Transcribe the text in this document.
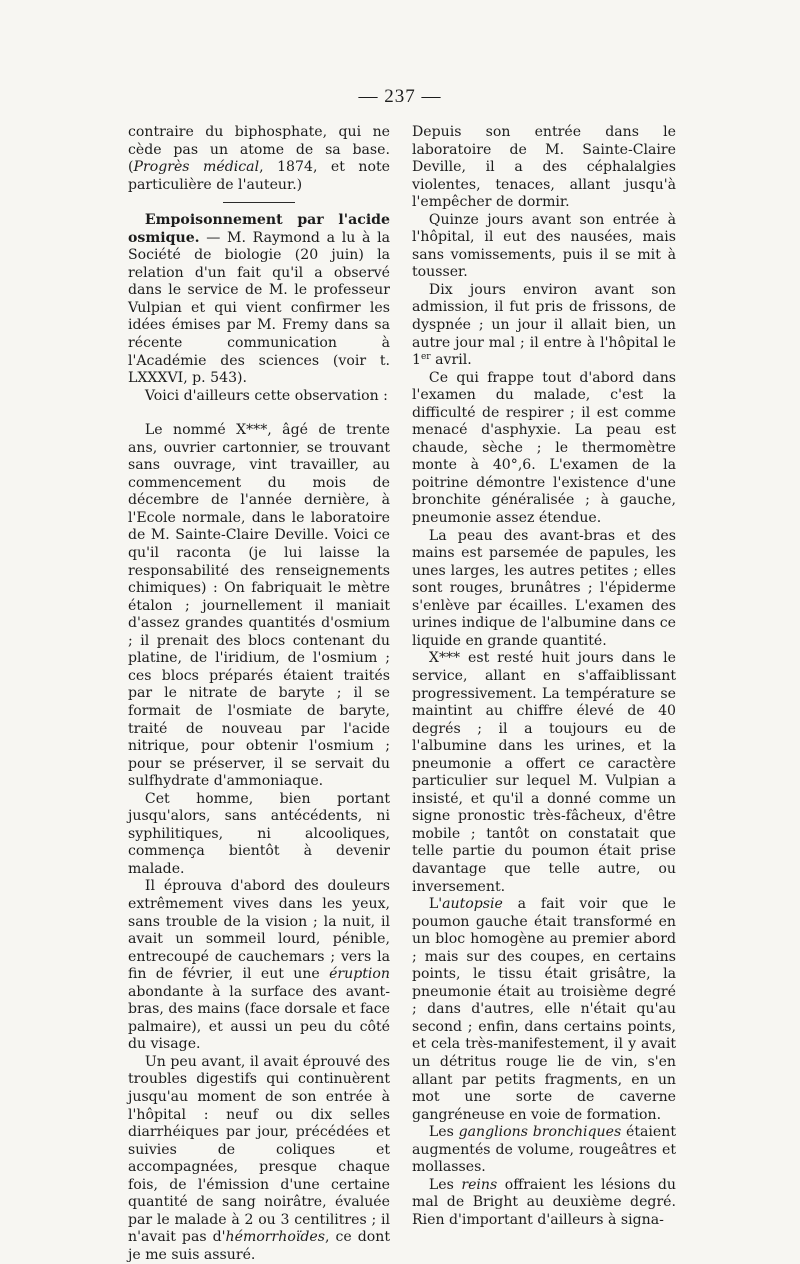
— 237 —

contraire du biphosphate, qui ne cède pas un atome de sa base. (Progrès médical, 1874, et note particulière de l'auteur.)

Empoisonnement par l'acide osmique. — M. Raymond a lu à la Société de biologie (20 juin) la relation d'un fait qu'il a observé dans le service de M. le professeur Vulpian et qui vient confirmer les idées émises par M. Fremy dans sa récente communication à l'Académie des sciences (voir t. LXXXVI, p. 543).

Voici d'ailleurs cette observation :

Le nommé X***, âgé de trente ans, ouvrier cartonnier, se trouvant sans ouvrage, vint travailler, au commencement du mois de décembre de l'année dernière, à l'Ecole normale, dans le laboratoire de M. Sainte-Claire Deville. Voici ce qu'il raconta (je lui laisse la responsabilité des renseignements chimiques) : On fabriquait le mètre étalon ; journellement il maniait d'assez grandes quantités d'osmium ; il prenait des blocs contenant du platine, de l'iridium, de l'osmium ; ces blocs préparés étaient traités par le nitrate de baryte ; il se formait de l'osmiate de baryte, traité de nouveau par l'acide nitrique, pour obtenir l'osmium ; pour se préserver, il se servait du sulfhydrate d'ammoniaque.

Cet homme, bien portant jusqu'alors, sans antécédents, ni syphilitiques, ni alcooliques, commença bientôt à devenir malade.

Il éprouva d'abord des douleurs extrêmement vives dans les yeux, sans trouble de la vision ; la nuit, il avait un sommeil lourd, pénible, entrecoupé de cauchemars ; vers la fin de février, il eut une éruption abondante à la surface des avant-bras, des mains (face dorsale et face palmaire), et aussi un peu du côté du visage.

Un peu avant, il avait éprouvé des troubles digestifs qui continuèrent jusqu'au moment de son entrée à l'hôpital : neuf ou dix selles diarrhéiques par jour, précédées et suivies de coliques et accompagnées, presque chaque fois, de l'émission d'une certaine quantité de sang noirâtre, évaluée par le malade à 2 ou 3 centilitres ; il n'avait pas d'hémorrhoïdes, ce dont je me suis assuré.

Depuis son entrée dans le laboratoire de M. Sainte-Claire Deville, il a des céphalalgies violentes, tenaces, allant jusqu'à l'empêcher de dormir.

Quinze jours avant son entrée à l'hôpital, il eut des nausées, mais sans vomissements, puis il se mit à tousser.

Dix jours environ avant son admission, il fut pris de frissons, de dyspnée ; un jour il allait bien, un autre jour mal ; il entre à l'hôpital le 1er avril.

Ce qui frappe tout d'abord dans l'examen du malade, c'est la difficulté de respirer ; il est comme menacé d'asphyxie. La peau est chaude, sèche ; le thermomètre monte à 40°,6. L'examen de la poitrine démontre l'existence d'une bronchite généralisée ; à gauche, pneumonie assez étendue.

La peau des avant-bras et des mains est parsemée de papules, les unes larges, les autres petites ; elles sont rouges, brunâtres ; l'épiderme s'enlève par écailles. L'examen des urines indique de l'albumine dans ce liquide en grande quantité.

X*** est resté huit jours dans le service, allant en s'affaiblissant progressivement. La température se maintint au chiffre élevé de 40 degrés ; il a toujours eu de l'albumine dans les urines, et la pneumonie a offert ce caractère particulier sur lequel M. Vulpian a insisté, et qu'il a donné comme un signe pronostic très-fâcheux, d'être mobile ; tantôt on constatait que telle partie du poumon était prise davantage que telle autre, ou inversement.

L'autopsie a fait voir que le poumon gauche était transformé en un bloc homogène au premier abord ; mais sur des coupes, en certains points, le tissu était grisâtre, la pneumonie était au troisième degré ; dans d'autres, elle n'était qu'au second ; enfin, dans certains points, et cela très-manifestement, il y avait un détritus rouge lie de vin, s'en allant par petits fragments, en un mot une sorte de caverne gangréneuse en voie de formation.

Les ganglions bronchiques étaient augmentés de volume, rougeâtres et mollasses.

Les reins offraient les lésions du mal de Bright au deuxième degré. Rien d'important d'ailleurs à signa-
